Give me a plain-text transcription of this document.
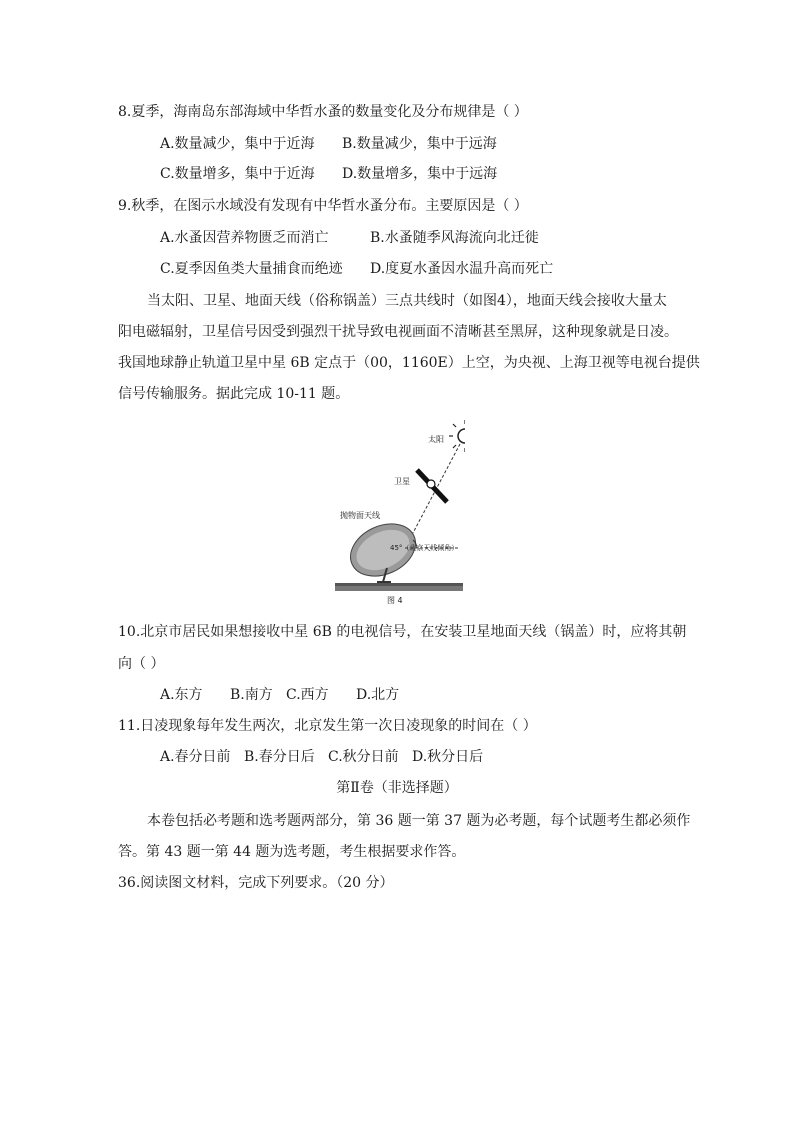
8.夏季，海南岛东部海域中华哲水蚤的数量变化及分布规律是（ ）
A.数量减少，集中于近海 B.数量减少，集中于远海
C.数量增多，集中于近海 D.数量增多，集中于远海
9.秋季，在图示水域没有发现有中华哲水蚤分布。主要原因是（ ）
A.水蚤因营养物匮乏而消亡	B.水蚤随季风海流向北迁徙
C.夏季因鱼类大量捕食而绝迹 D.度夏水蚤因水温升高而死亡
当太阳、卫星、地面天线（俗称锅盖）三点共线时（如图4），地面天线会接收大量太
阳电磁辐射，卫星信号因受到强烈干扰导致电视画面不清晰甚至黑屏，这种现象就是日凌。
我国地球静止轨道卫星中星 6B 定点于（00，1160E）上空，为央视、上海卫视等电视台提供
信号传输服务。据此完成 10-11 题。
太阳
卫星
抛物面天线
45°（北京天线倾角）
图 4
10.北京市居民如果想接收中星 6B 的电视信号，在安装卫星地面天线（锅盖）时，应将其朝
向（ ）
A.东方 B.南方 C.西方 D.北方
11.日凌现象每年发生两次，北京发生第一次日凌现象的时间在（ ）
A.春分日前 B.春分日后 C.秋分日前 D.秋分日后
第Ⅱ卷（非选择题）
本卷包括必考题和选考题两部分，第 36 题一第 37 题为必考题，每个试题考生都必须作
答。第 43 题一第 44 题为选考题，考生根据要求作答。
36.阅读图文材料，完成下列要求。（20 分）
